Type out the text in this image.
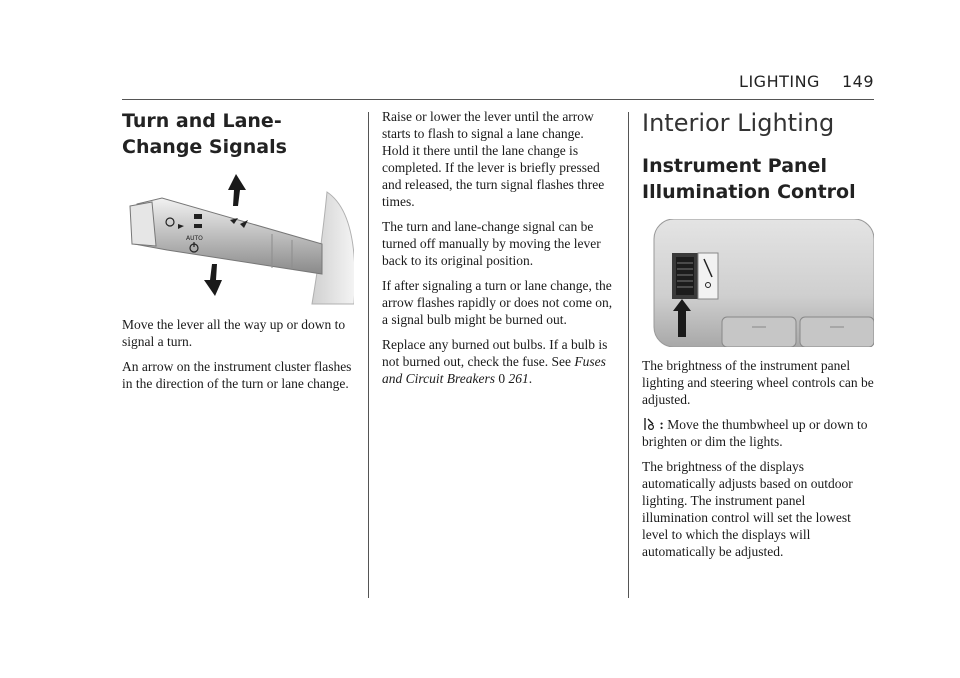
LIGHTING 149
Turn and Lane-Change Signals
AUTO

Move the lever all the way up or down to signal a turn.

An arrow on the instrument cluster flashes in the direction of the turn or lane change.

Raise or lower the lever until the arrow starts to flash to signal a lane change. Hold it there until the lane change is completed. If the lever is briefly pressed and released, the turn signal flashes three times.

The turn and lane-change signal can be turned off manually by moving the lever back to its original position.

If after signaling a turn or lane change, the arrow flashes rapidly or does not come on, a signal bulb might be burned out.

Replace any burned out bulbs. If a bulb is not burned out, check the fuse. See Fuses and Circuit Breakers 0 261.

Interior Lighting
Instrument Panel Illumination Control

The brightness of the instrument panel lighting and steering wheel controls can be adjusted.

: Move the thumbwheel up or down to brighten or dim the lights.

The brightness of the displays automatically adjusts based on outdoor lighting. The instrument panel illumination control will set the lowest level to which the displays will automatically be adjusted.
